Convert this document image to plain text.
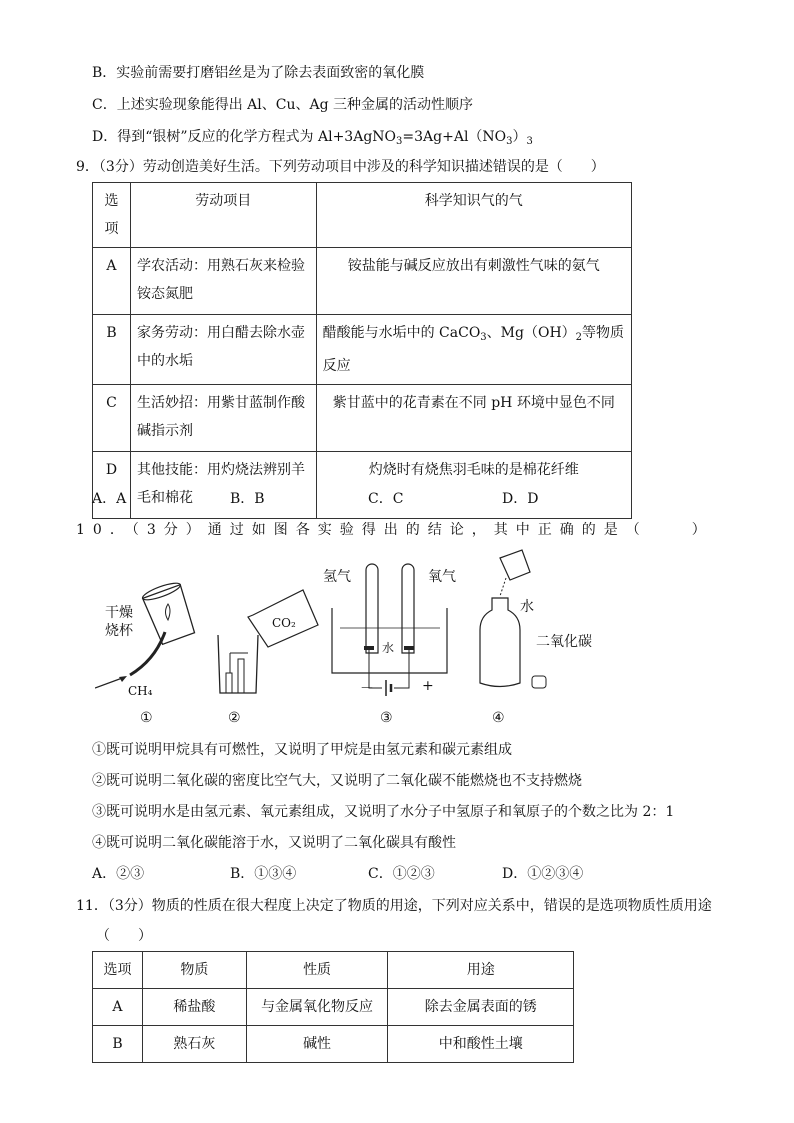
B．实验前需要打磨铝丝是为了除去表面致密的氧化膜
C．上述实验现象能得出 Al、Cu、Ag 三种金属的活动性顺序
D．得到“银树”反应的化学方程式为 $Al+3AgNO_3=3Ag+Al(NO_3)_3$
9．（3分）劳动创造美好生活。下列劳动项目中涉及的科学知识描述错误的是（　　）
选项	劳动项目	科学知识气的气
A	学农活动：用熟石灰来检验铵态氮肥	铵盐能与碱反应放出有刺激性气味的氨气
B	家务劳动：用白醋去除水壶中的水垢	醋酸能与水垢中的 CaCO$_3$、$Mg(OH)_2$等物质反应
C	生活妙招：用紫甘蓝制作酸碱指示剂	紫甘蓝中的花青素在不同 pH 环境中显色不同
D	其他技能：用灼烧法辨别羊毛和棉花	灼烧时有烧焦羽毛味的是棉花纤维
A．A	B．B	C．C	D．D
10．（3分）通过如图各实验得出的结论，其中正确的是（　　）
干燥
烧杯
CH₄
①
CO₂
②
氢气	氧气
水
－	+
③
水
二氧化碳
④
①既可说明甲烷具有可燃性，又说明了甲烷是由氢元素和碳元素组成
②既可说明二氧化碳的密度比空气大，又说明了二氧化碳不能燃烧也不支持燃烧
③既可说明水是由氢元素、氧元素组成，又说明了水分子中氢原子和氧原子的个数之比为 2：1
④既可说明二氧化碳能溶于水，又说明了二氧化碳具有酸性
A．②③	B．①③④	C．①②③	D．①②③④
11．（3分）物质的性质在很大程度上决定了物质的用途，下列对应关系中，错误的是选项物质性质用途
（　　）
选项	物质	性质	用途
A	稀盐酸	与金属氧化物反应	除去金属表面的锈
B	熟石灰	碱性	中和酸性土壤
